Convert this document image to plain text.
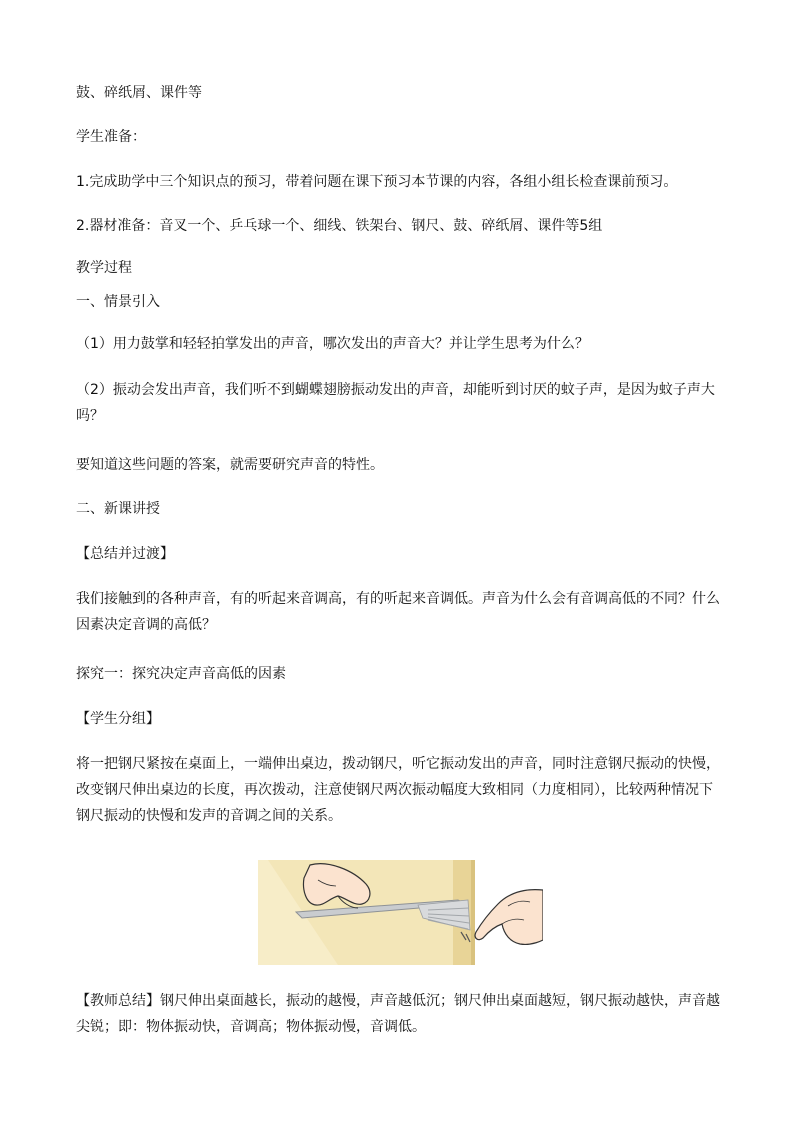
鼓、碎纸屑、课件等
学生准备：
1.完成助学中三个知识点的预习，带着问题在课下预习本节课的内容，各组小组长检查课前预习。
2.器材准备：音叉一个、乒乓球一个、细线、铁架台、钢尺、鼓、碎纸屑、课件等5组
教学过程
一、情景引入
（1）用力鼓掌和轻轻拍掌发出的声音，哪次发出的声音大？并让学生思考为什么？
（2）振动会发出声音，我们听不到蝴蝶翅膀振动发出的声音，却能听到讨厌的蚊子声，是因为蚊子声大吗？
要知道这些问题的答案，就需要研究声音的特性。
二、新课讲授
【总结并过渡】
我们接触到的各种声音，有的听起来音调高，有的听起来音调低。声音为什么会有音调高低的不同？什么因素决定音调的高低？
探究一：探究决定声音高低的因素
【学生分组】
将一把钢尺紧按在桌面上，一端伸出桌边，拨动钢尺，听它振动发出的声音，同时注意钢尺振动的快慢，改变钢尺伸出桌边的长度，再次拨动，注意使钢尺两次振动幅度大致相同（力度相同），比较两种情况下钢尺振动的快慢和发声的音调之间的关系。
【教师总结】钢尺伸出桌面越长，振动的越慢，声音越低沉；钢尺伸出桌面越短，钢尺振动越快，声音越尖锐；即：物体振动快，音调高；物体振动慢，音调低。
